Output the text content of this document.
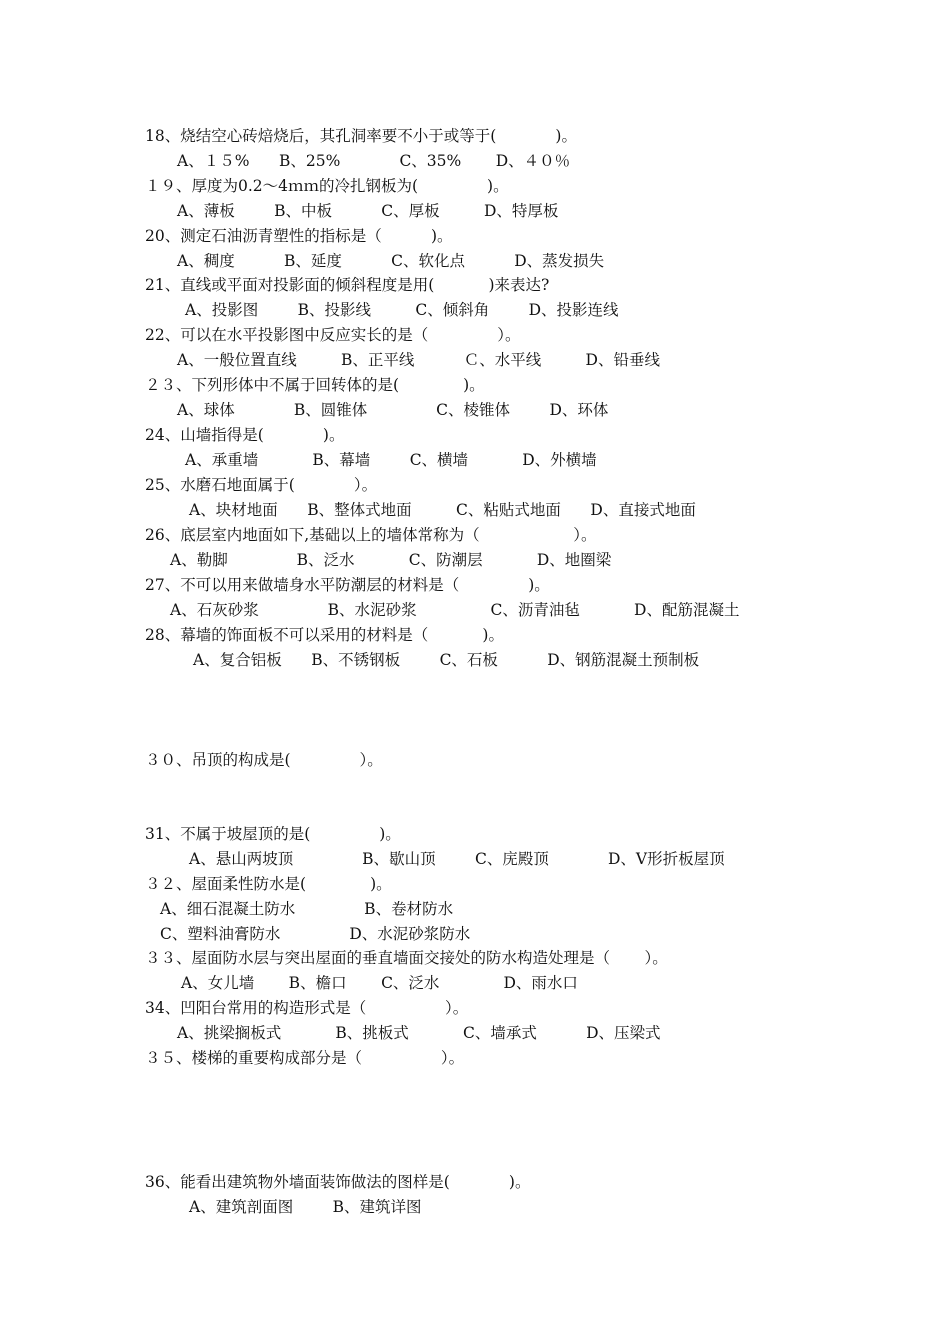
18、烧结空心砖焙烧后，其孔洞率要不小于或等于(            )。

A、１５%      B、25%            C、35%       D、４０％

１９、厚度为0.2～4ｍｍ的冷扎钢板为(              )。

A、薄板        B、中板          C、厚板         D、特厚板

20、测定石油沥青塑性的指标是（          )。

A、稠度          B、延度          C、软化点          D、蒸发损失

21、直线或平面对投影面的倾斜程度是用(           )来表达?

A、投影图        B、投影线         C、倾斜角        D、投影连线

22、可以在水平投影图中反应实长的是（              ）。

A、一般位置直线         B、正平线          Ｃ、水平线         D、铅垂线

２３、下列形体中不属于回转体的是(             )。

A、球体            B、圆锥体              C、棱锥体        D、环体

24、山墙指得是(            )。

A、承重墙           B、幕墙        C、横墙           D、外横墙

25、水磨石地面属于(            ）。

A、块材地面      B、整体式地面         C、粘贴式地面      D、直接式地面

26、底层室内地面如下,基础以上的墙体常称为（                   ）。

A、勒脚              B、泛水           C、防潮层           D、地圈梁

27、不可以用来做墙身水平防潮层的材料是（              )。

A、石灰砂浆              B、水泥砂浆               C、沥青油毡           D、配筋混凝土

28、幕墙的饰面板不可以采用的材料是（           )。

A、复合铝板      B、不锈钢板        C、石板          D、钢筋混凝土预制板

３０、吊顶的构成是(              ）。

31、不属于坡屋顶的是(              )。

A、悬山两坡顶              B、歇山顶        C、庑殿顶            D、V形折板屋顶

３２、屋面柔性防水是(             )。

A、细石混凝土防水              B、卷材防水

C、塑料油膏防水              D、水泥砂浆防水

３３、屋面防水层与突出屋面的垂直墙面交接处的防水构造处理是（       ）。

A、女儿墙       B、檐口       C、泛水             D、雨水口

34、凹阳台常用的构造形式是（                ）。

A、挑梁搁板式           B、挑板式           C、墙承式          D、压梁式

３５、楼梯的重要构成部分是（                ）。

36、能看出建筑物外墙面装饰做法的图样是(            )。

A、建筑剖面图        B、建筑详图
